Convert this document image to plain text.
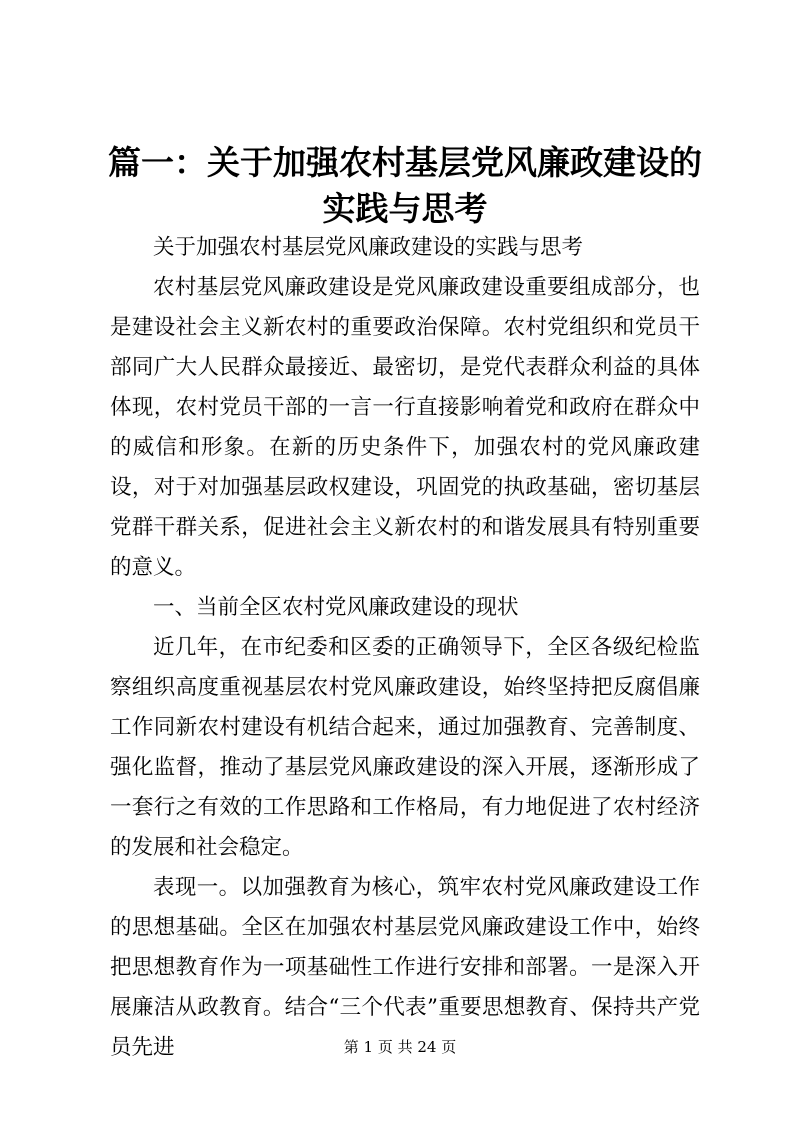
篇一：关于加强农村基层党风廉政建设的实践与思考

关于加强农村基层党风廉政建设的实践与思考

农村基层党风廉政建设是党风廉政建设重要组成部分，也是建设社会主义新农村的重要政治保障。农村党组织和党员干部同广大人民群众最接近、最密切，是党代表群众利益的具体体现，农村党员干部的一言一行直接影响着党和政府在群众中的威信和形象。在新的历史条件下，加强农村的党风廉政建设，对于对加强基层政权建设，巩固党的执政基础，密切基层党群干群关系，促进社会主义新农村的和谐发展具有特别重要的意义。

一、当前全区农村党风廉政建设的现状

近几年，在市纪委和区委的正确领导下，全区各级纪检监察组织高度重视基层农村党风廉政建设，始终坚持把反腐倡廉工作同新农村建设有机结合起来，通过加强教育、完善制度、强化监督，推动了基层党风廉政建设的深入开展，逐渐形成了一套行之有效的工作思路和工作格局，有力地促进了农村经济的发展和社会稳定。

表现一。以加强教育为核心，筑牢农村党风廉政建设工作的思想基础。全区在加强农村基层党风廉政建设工作中，始终把思想教育作为一项基础性工作进行安排和部署。一是深入开展廉洁从政教育。结合“三个代表”重要思想教育、保持共产党员先进	第 1 页 共 24 页
